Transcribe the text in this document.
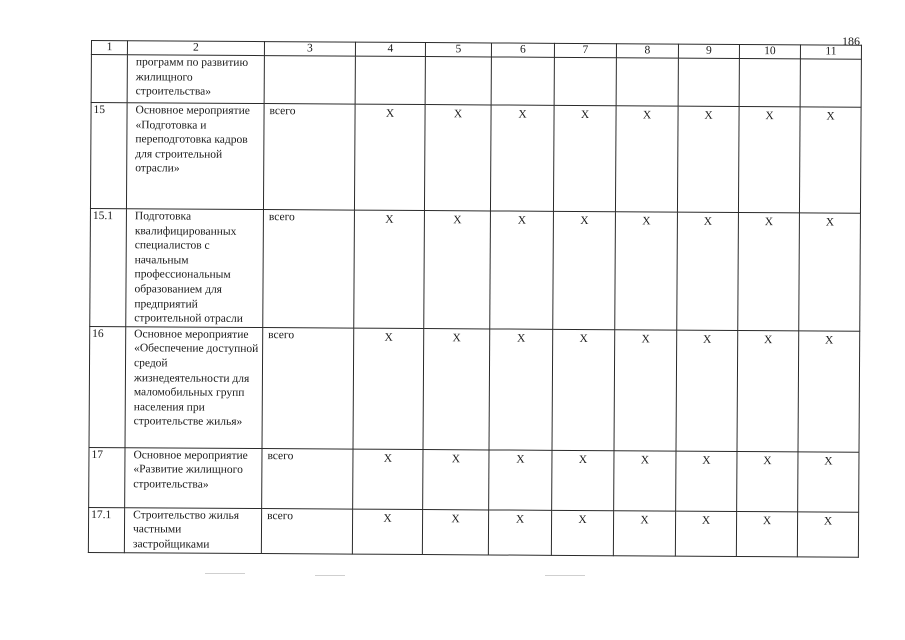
186
1	2	3	4	5	6	7	8	9	10	11
	программ по развитию жилищного строительства»									
15	Основное мероприятие «Подготовка и переподготовка кадров для строительной отрасли»	всего	Х	Х	Х	Х	Х	Х	Х	Х
15.1	Подготовка квалифицированных специалистов с начальным профессиональным образованием для предприятий строительной отрасли	всего	Х	Х	Х	Х	Х	Х	Х	Х
16	Основное мероприятие «Обеспечение доступной средой жизнедеятельности для маломобильных групп населения при строительстве жилья»	всего	Х	Х	Х	Х	Х	Х	Х	Х
17	Основное мероприятие «Развитие жилищного строительства»	всего	Х	Х	Х	Х	Х	Х	Х	Х
17.1	Строительство жилья частными застройщиками	всего	Х	Х	Х	Х	Х	Х	Х	Х
